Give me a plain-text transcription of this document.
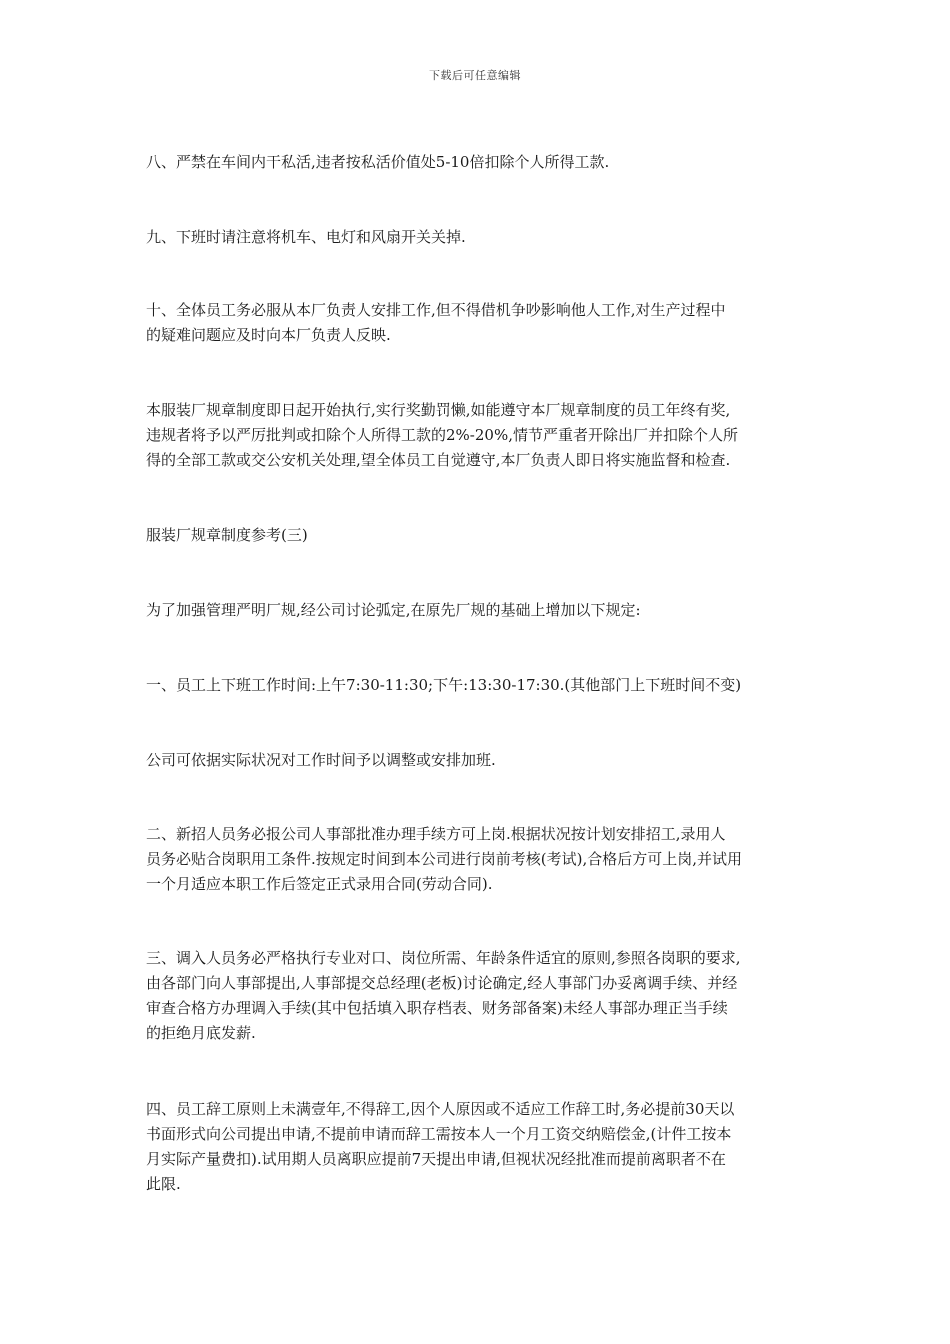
下载后可任意编辑
八、严禁在车间内干私活,违者按私活价值处5-10倍扣除个人所得工款.
九、下班时请注意将机车、电灯和风扇开关关掉.
十、全体员工务必服从本厂负责人安排工作,但不得借机争吵影响他人工作,对生产过程中
的疑难问题应及时向本厂负责人反映.
本服装厂规章制度即日起开始执行,实行奖勤罚懒,如能遵守本厂规章制度的员工年终有奖,
违规者将予以严厉批判或扣除个人所得工款的2%-20%,情节严重者开除出厂并扣除个人所
得的全部工款或交公安机关处理,望全体员工自觉遵守,本厂负责人即日将实施监督和检查.
服装厂规章制度参考(三)
为了加强管理严明厂规,经公司讨论弧定,在原先厂规的基础上增加以下规定:
一、员工上下班工作时间:上午7:30-11:30;下午:13:30-17:30.(其他部门上下班时间不变)
公司可依据实际状况对工作时间予以调整或安排加班.
二、新招人员务必报公司人事部批准办理手续方可上岗.根据状况按计划安排招工,录用人
员务必贴合岗职用工条件.按规定时间到本公司进行岗前考核(考试),合格后方可上岗,并试用
一个月适应本职工作后签定正式录用合同(劳动合同).
三、调入人员务必严格执行专业对口、岗位所需、年龄条件适宜的原则,参照各岗职的要求,
由各部门向人事部提出,人事部提交总经理(老板)讨论确定,经人事部门办妥离调手续、并经
审查合格方办理调入手续(其中包括填入职存档表、财务部备案)未经人事部办理正当手续
的拒绝月底发薪.
四、员工辞工原则上未满壹年,不得辞工,因个人原因或不适应工作辞工时,务必提前30天以
书面形式向公司提出申请,不提前申请而辞工需按本人一个月工资交纳赔偿金,(计件工按本
月实际产量费扣).试用期人员离职应提前7天提出申请,但视状况经批准而提前离职者不在
此限.
